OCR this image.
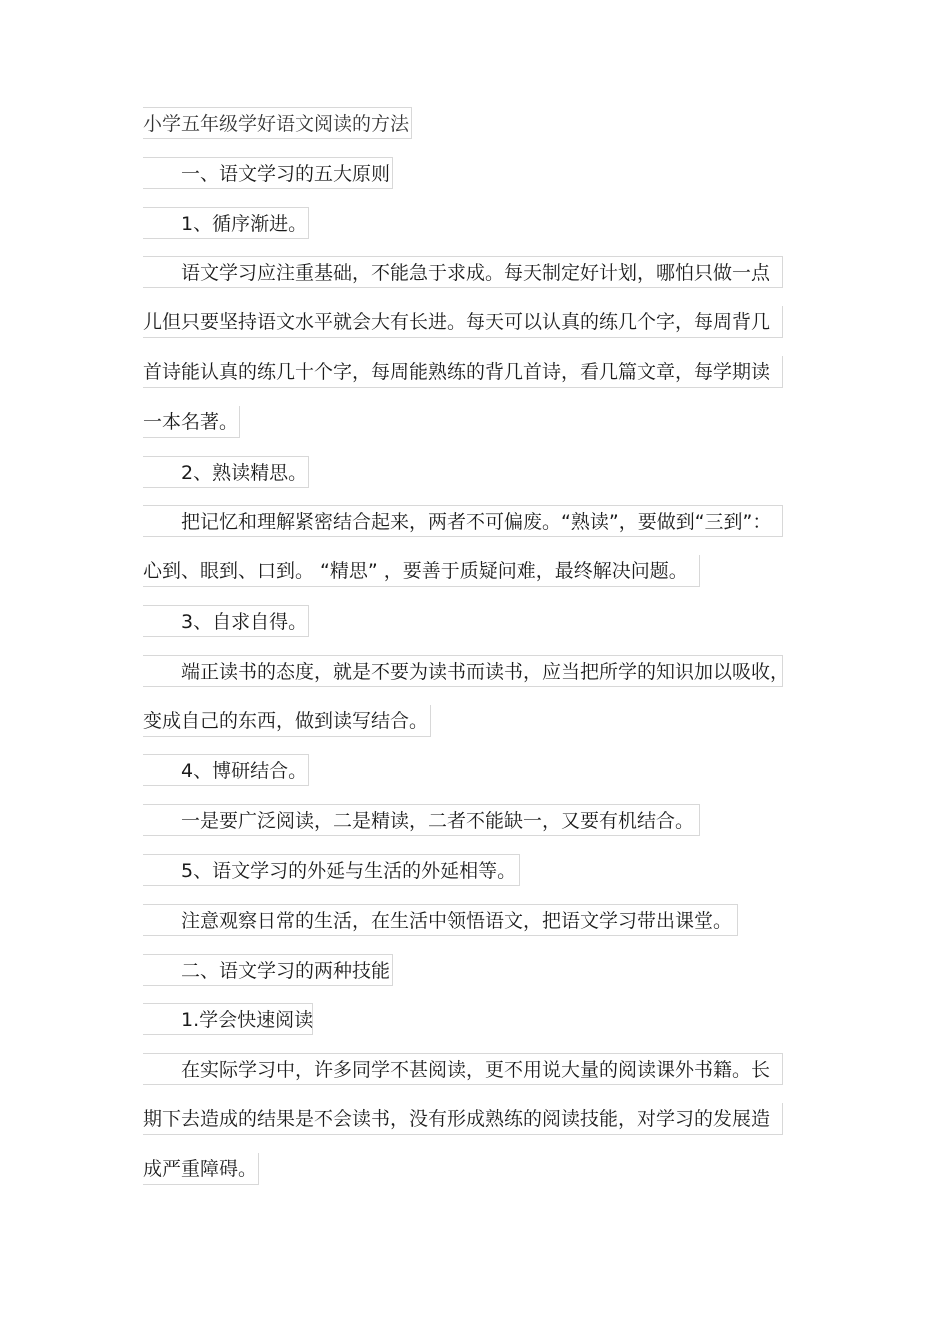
小学五年级学好语文阅读的方法
一、语文学习的五大原则
1、循序渐进。
语文学习应注重基础，不能急于求成。每天制定好计划，哪怕只做一点
儿但只要坚持语文水平就会大有长进。每天可以认真的练几个字，每周背几
首诗能认真的练几十个字，每周能熟练的背几首诗，看几篇文章，每学期读
一本名著。
2、熟读精思。
把记忆和理解紧密结合起来，两者不可偏废。“熟读”，要做到“三到”：
心到、眼到、口到。 “精思” ，要善于质疑问难，最终解决问题。
3、自求自得。
端正读书的态度，就是不要为读书而读书，应当把所学的知识加以吸收，
变成自己的东西，做到读写结合。
4、博研结合。
一是要广泛阅读，二是精读，二者不能缺一，又要有机结合。
5、语文学习的外延与生活的外延相等。
注意观察日常的生活，在生活中领悟语文，把语文学习带出课堂。
二、语文学习的两种技能
1.学会快速阅读
在实际学习中，许多同学不甚阅读，更不用说大量的阅读课外书籍。长
期下去造成的结果是不会读书，没有形成熟练的阅读技能，对学习的发展造
成严重障碍。
